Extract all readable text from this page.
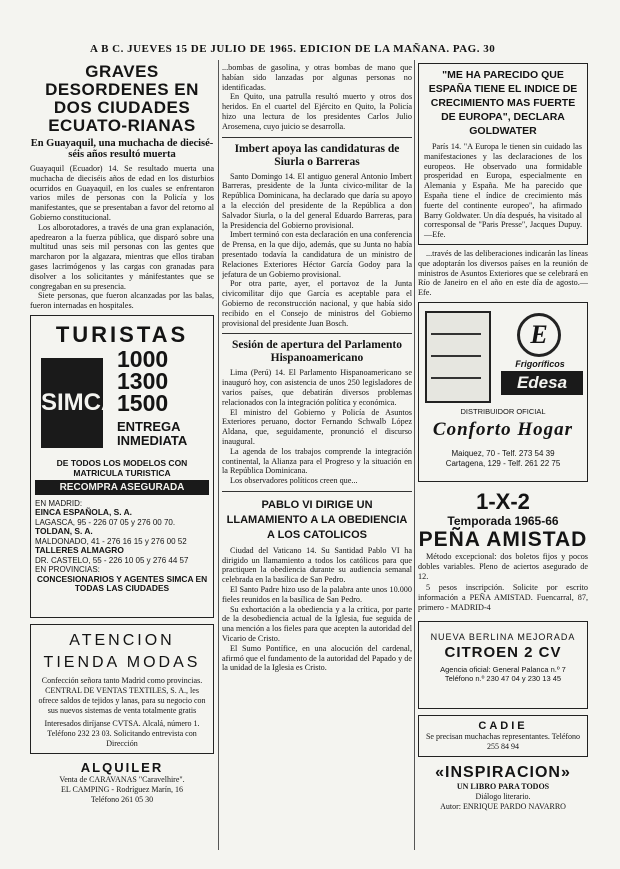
A B C. JUEVES 15 DE JULIO DE 1965. EDICION DE LA MAÑANA. PAG. 30
GRAVES DESORDENES EN DOS CIUDADES ECUATO-RIANAS
En Guayaquil, una muchacha de diecisé-séis años resultó muerta

Guayaquil (Ecuador) 14. Se resultado muerta una muchacha de dieciséis años de edad en los disturbios ocurridos en Guayaquil, en los cuales se enfrentaron varios miles de personas con la Policía y los manifestantes, que se presentaban a favor del retorno al Gobierno constitucional.

Los alborotadores, a través de una gran explanación, apedrearon a la fuerza pública, que disparó sobre una multitud unas seis mil personas con las gentes que marcharon por la algazara, mientras que ellos tiraban gases lacrimógenos y las cargas con granadas para disolver a los solicitantes y mánifestantes que se congregaban en su presencia.

Siete personas, que fueron alcanzadas por las balas, fueron internadas en hospitales.

TURISTAS
SIMCA
1000
1300
1500
ENTREGA INMEDIATA
DE TODOS LOS MODELOS CON MATRICULA TURISTICA
RECOMPRA ASEGURADA
EN MADRID:
EINCA ESPAÑOLA, S. A.
LAGASCA, 95 - 226 07 05 y 276 00 70.
TOLDAN, S. A.
MALDONADO, 41 - 276 16 15 y 276 00 52
TALLERES ALMAGRO
DR. CASTELO, 55 - 226 10 05 y 276 44 57
EN PROVINCIAS:
CONCESIONARIOS Y AGENTES SIMCA EN TODAS LAS CIUDADES
ATENCION
TIENDA MODAS
Confección señora tanto Madrid como provincias. CENTRAL DE VENTAS TEXTILES, S. A., les ofrece saldos de tejidos y lanas, para su negocio con sus nuevos sistemas de venta totalmente gratis
Interesados diríjanse CVTSA. Alcalá, número 1. Teléfono 232 23 03. Solicitando entrevista con Dirección
ALQUILER
Venta de CARAVANAS "Caravelhire".
EL CAMPING - Rodríguez Marín, 16
Teléfono 261 05 30

...bombas de gasolina, y otras bombas de mano que habían sido lanzadas por algunas personas no identificadas.

En Quito, una patrulla resultó muerto y otros dos heridos. En el cuartel del Ejército en Quito, la Policía hizo una lectura de los presidentes Carlos Julio Arosemena, cuyo juicio se desarrolla.

Imbert apoya las candidaturas de Siurla o Barreras

Santo Domingo 14. El antiguo general Antonio Imbert Barreras, presidente de la Junta civico-militar de la República Dominicana, ha declarado que daría su apoyo a la elección del presidente de la República a don Salvador Siurla, o la del general Eduardo Barreras, para la Presidencia del Gobierno provisional.

Imbert terminó con esta declaración en una conferencia de Prensa, en la que dijo, además, que su Junta no había presentado todavía la candidatura de un ministro de Relaciones Exteriores Héctor García Godoy para la jefatura de un Gobierno provisional.

Por otra parte, ayer, el portavoz de la Junta civicomilitar dijo que García es aceptable para el Gobierno de reconstrucción nacional, y que había sido recibido en el Consejo de ministros del Gobierno provisional del presidente Juan Bosch.

Sesión de apertura del Parlamento Hispanoamericano

Lima (Perú) 14. El Parlamento Hispanoamericano se inauguró hoy, con asistencia de unos 250 legisladores de varios países, que debatirán diversos problemas relacionados con la integración política y económica.

El ministro del Gobierno y Policía de Asuntos Exteriores peruano, doctor Fernando Schwalb López Aldana, que, seguidamente, pronunció el discurso inaugural.

La agenda de los trabajos comprende la integración continental, la Alianza para el Progreso y la situación en la República Dominicana.

Los observadores políticos creen que...

PABLO VI DIRIGE UN LLAMAMIENTO A LA OBEDIENCIA A LOS CATOLICOS

Ciudad del Vaticano 14. Su Santidad Pablo VI ha dirigido un llamamiento a todos los católicos para que practiquen la obediencia durante su audiencia semanal celebrada en la basílica de San Pedro.

El Santo Padre hizo uso de la palabra ante unos 10.000 fieles reunidos en la basílica de San Pedro.

Su exhortación a la obediencia y a la crítica, por parte de la desobediencia actual de la Iglesia, fue seguida de una mención a los fieles para que acepten la autoridad del Vicario de Cristo.

El Sumo Pontífice, en una alocución del cardenal, afirmó que el fundamento de la autoridad del Papado y de la unidad de la Iglesia es Cristo.

"ME HA PARECIDO QUE ESPAÑA TIENE EL INDICE DE CRECIMIENTO MAS FUERTE DE EUROPA", DECLARA GOLDWATER

París 14. "A Europa le tienen sin cuidado las manifestaciones y las declaraciones de los europeos. He observado una formidable prosperidad en Europa, especialmente en Alemania y España. Me ha parecido que España tiene el índice de crecimiento más fuerte del continente europeo", ha afirmado Barry Goldwater. Un día después, ha visitado al corresponsal de "Paris Presse", Jacques Dupuy.—Efe.

...través de las deliberaciones indicarán las líneas que adoptarán los diversos países en la reunión de ministros de Asuntos Exteriores que se celebrará en Río de Janeiro en el año en este día de agosto.—Efe.

E
Frigoríficos
Edesa
DISTRIBUIDOR OFICIAL
Conforto Hogar
Maiquez, 70 - Telf. 273 54 39
Cartagena, 129 - Telf. 261 22 75
1-X-2
Temporada 1965-66
PEÑA AMISTAD

Método excepcional: dos boletos fijos y pocos dobles variables. Pleno de aciertos asegurado de 12.

5 pesos inscripción. Solicite por escrito información a PEÑA AMISTAD. Fuencarral, 87, primero - MADRID-4

NUEVA BERLINA MEJORADA
CITROEN 2 CV
Agencia oficial: General Palanca n.º 7
Teléfono n.º 230 47 04 y 230 13 45
CADIE
Se precisan muchachas representantes. Teléfono 255 84 94
«INSPIRACION»
UN LIBRO PARA TODOS
Diálogo literario.
Autor: ENRIQUE PARDO NAVARRO
